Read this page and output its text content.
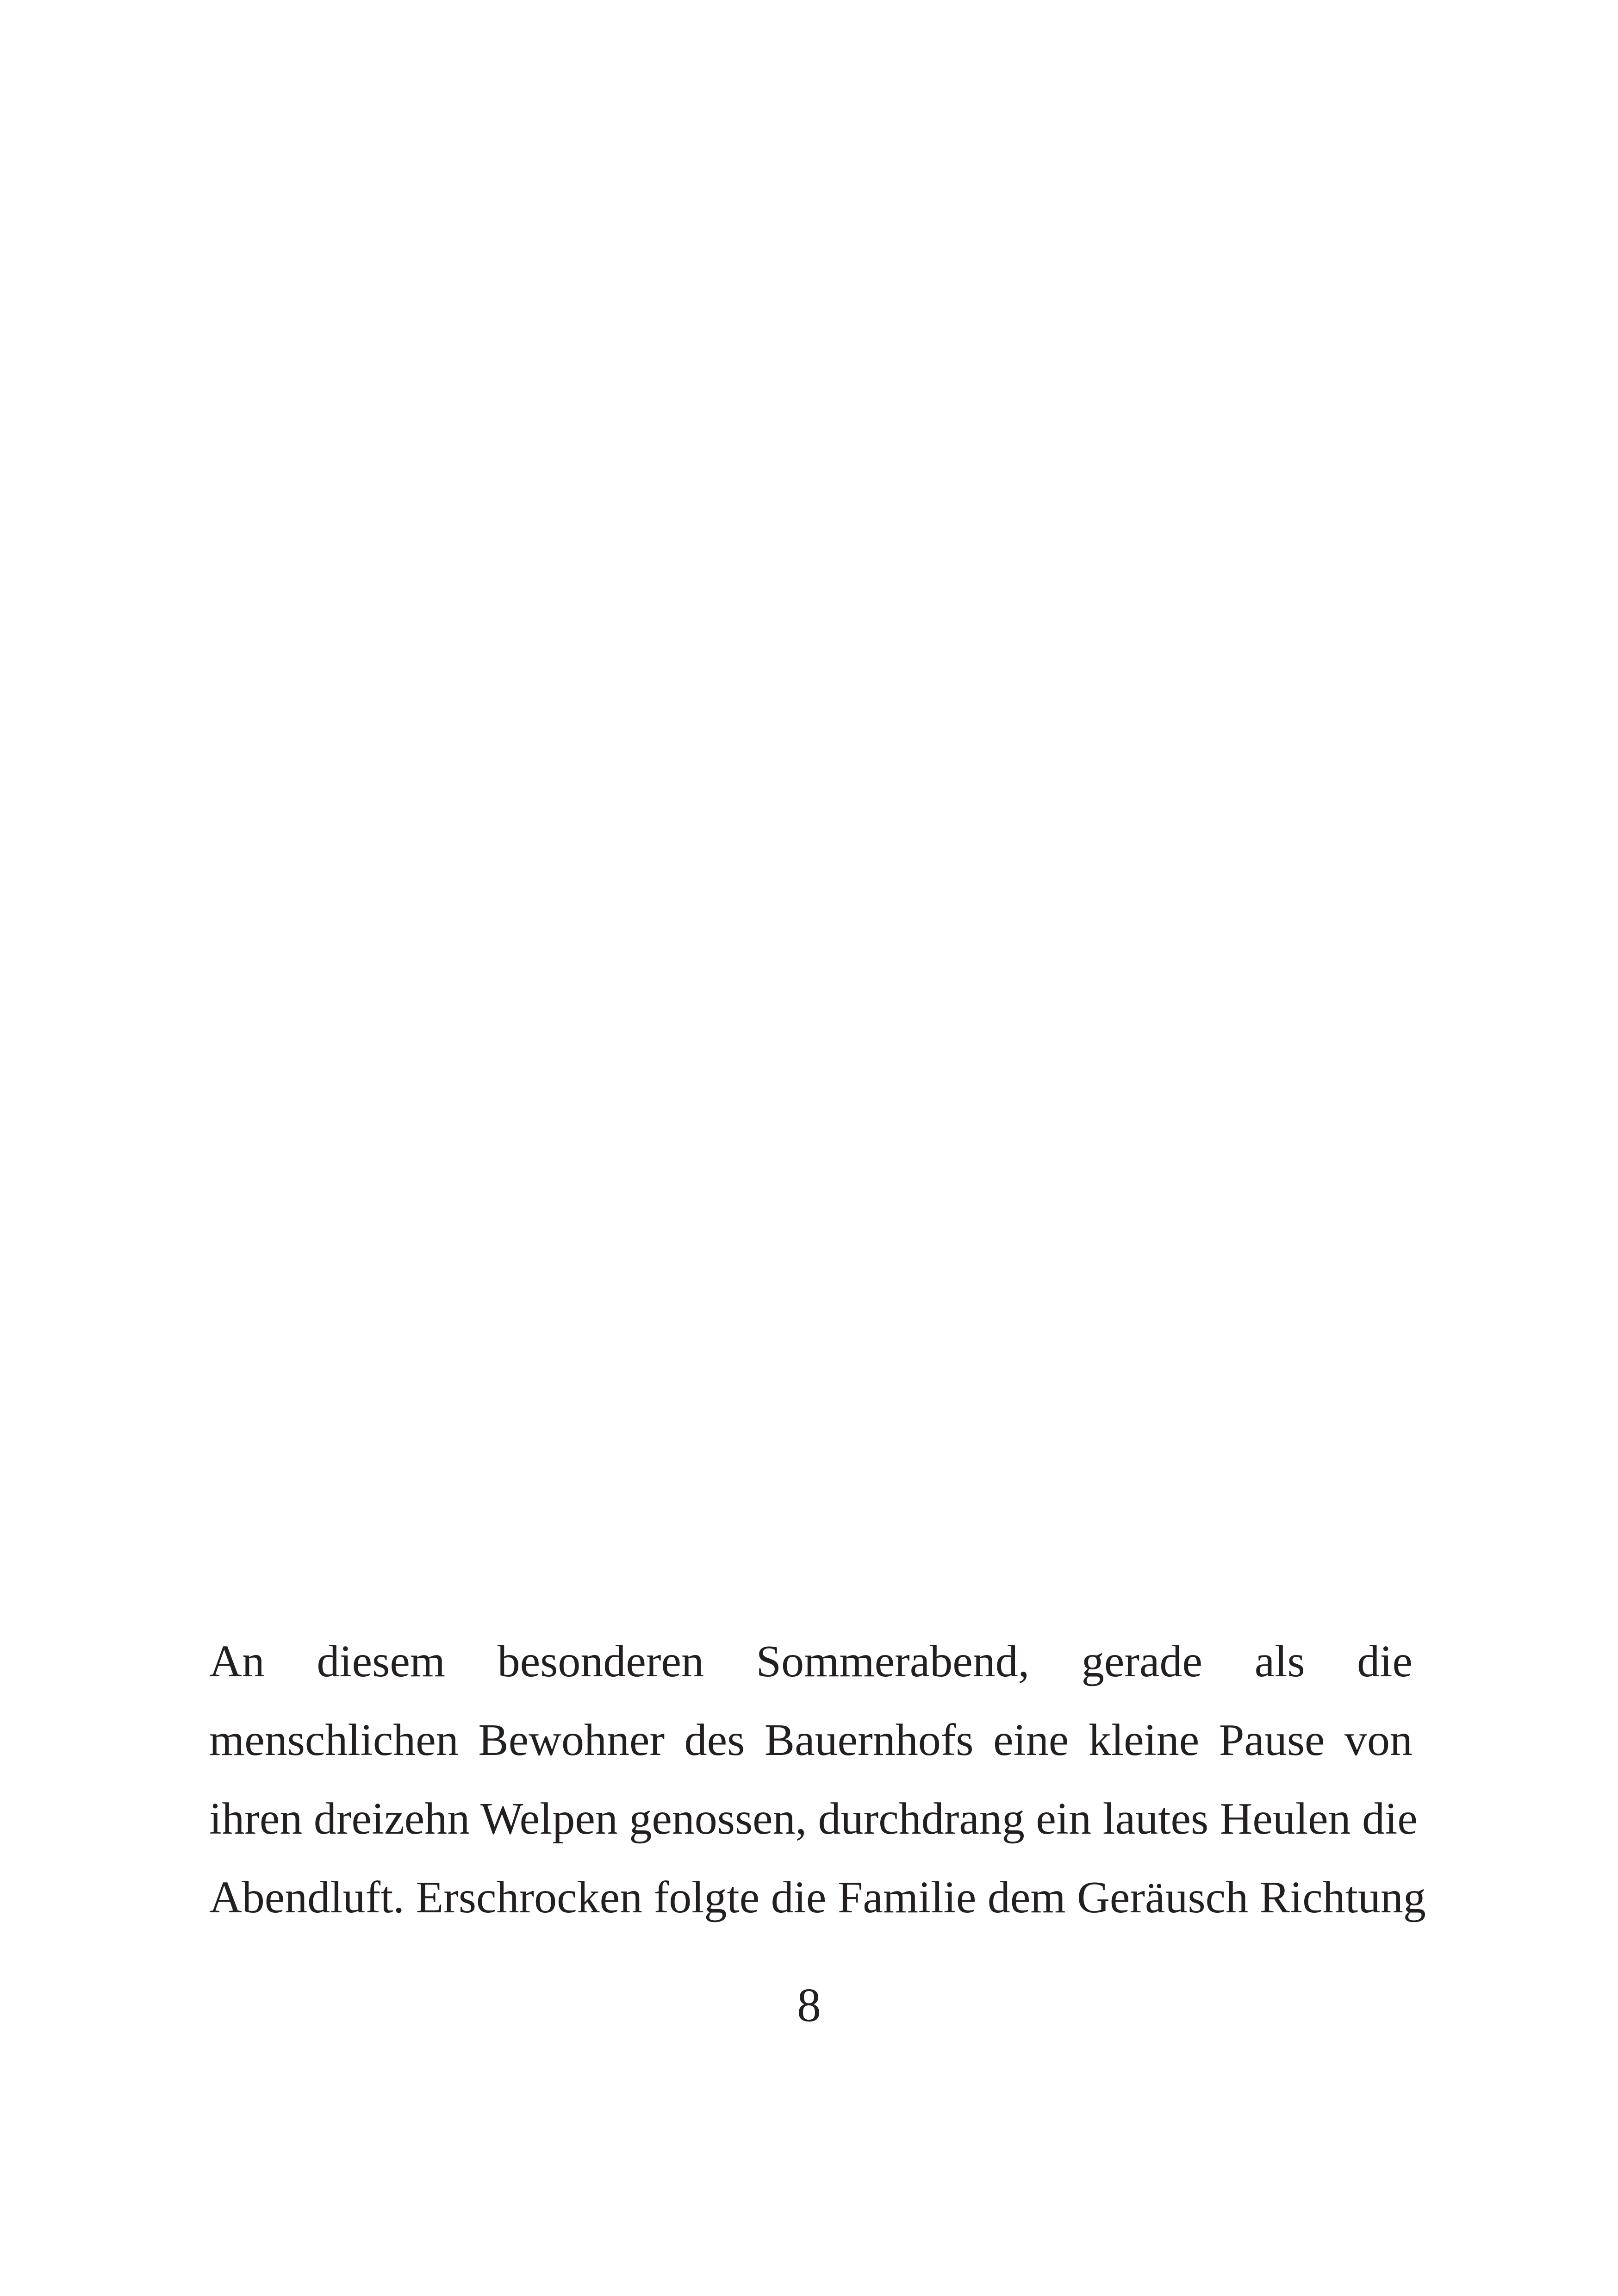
An diesem besonderen Sommerabend, gerade als die
menschlichen Bewohner des Bauernhofs eine kleine Pause von
ihren dreizehn Welpen genossen, durchdrang ein lautes Heulen die
Abendluft. Erschrocken folgte die Familie dem Geräusch Richtung

8
